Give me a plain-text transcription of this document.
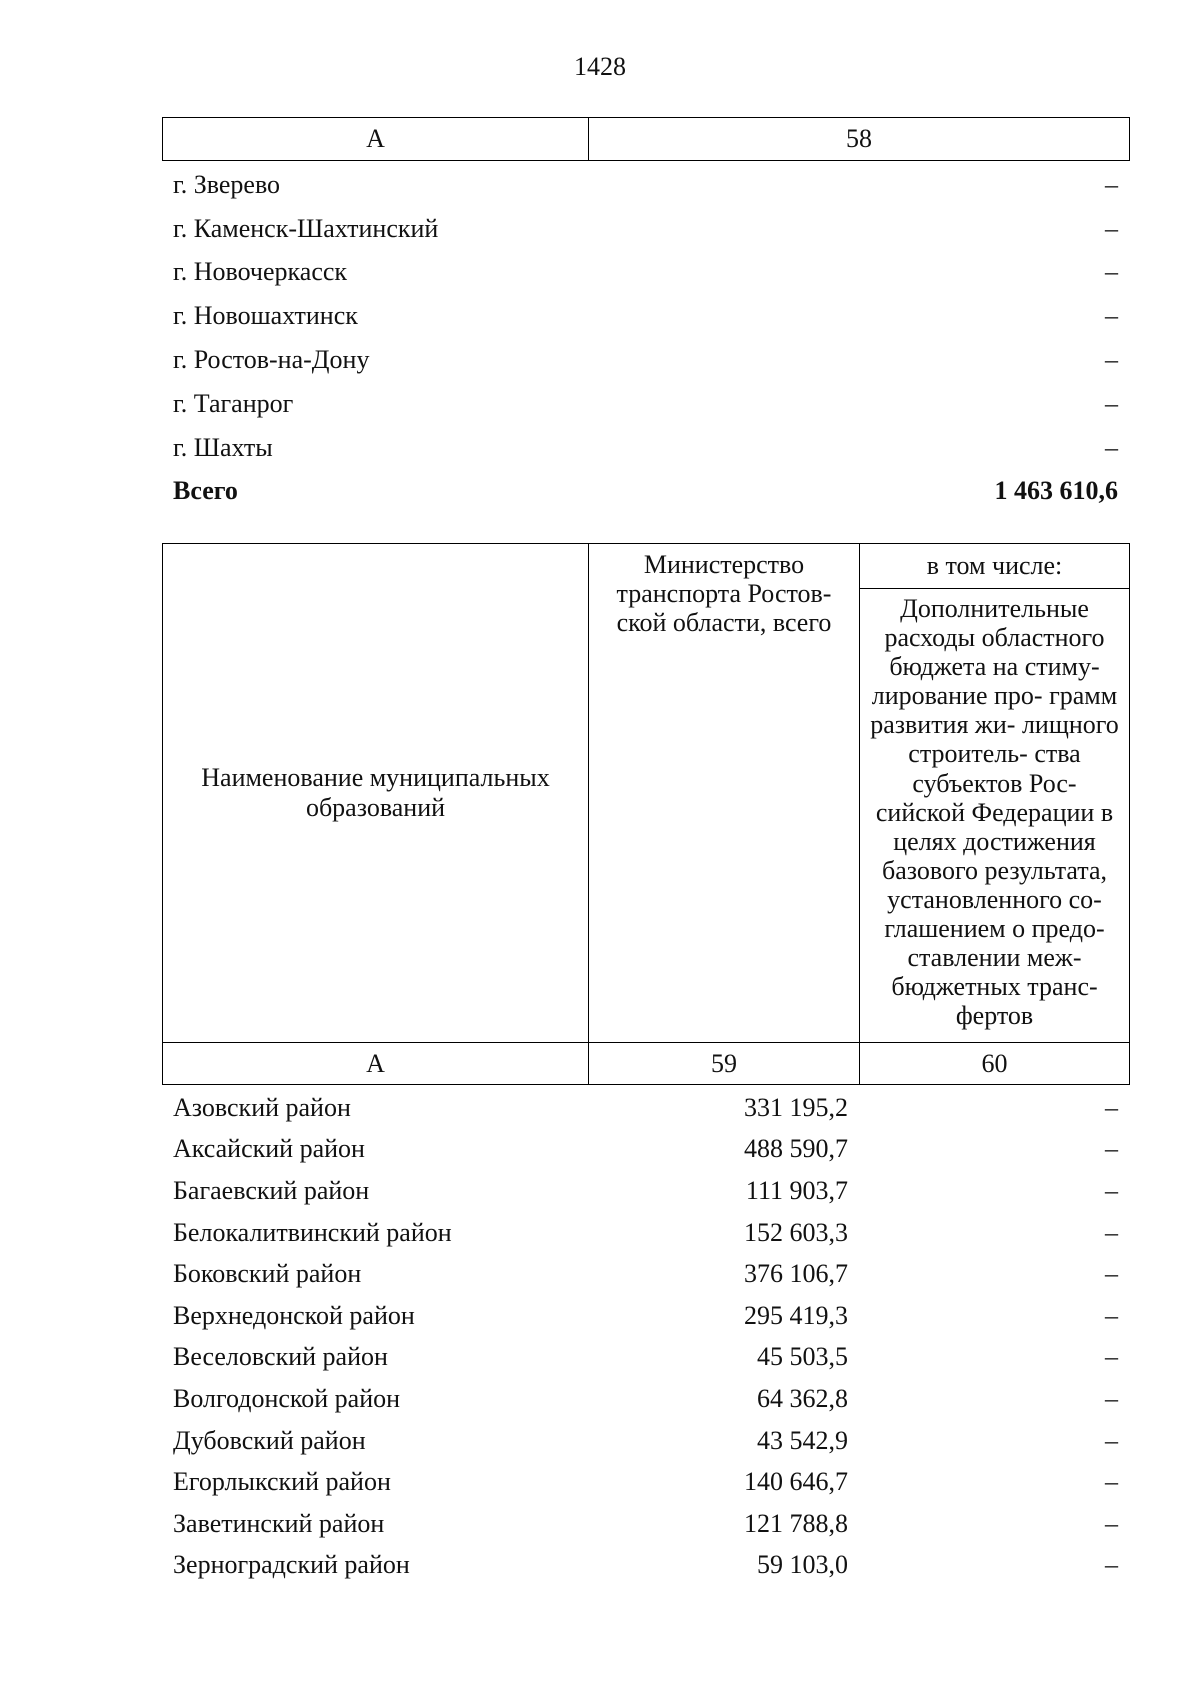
1428
А	58
г. Зверево	–
г. Каменск-Шахтинский	–
г. Новочеркасск	–
г. Новошахтинск	–
г. Ростов-на-Дону	–
г. Таганрог	–
г. Шахты	–
Всего	1 463 610,6
Наименование муниципальных образований
Министерство транспорта Ростов- ской области, всего
в том числе:
Дополнительные расходы областного бюджета на стиму- лирование про- грамм развития жи- лищного строитель- ства субъектов Рос- сийской Федерации в целях достижения базового результата, установленного со- глашением о предо- ставлении меж- бюджетных транс- фертов
А	59	60
Азовский район	331 195,2	–
Аксайский район	488 590,7	–
Багаевский район	111 903,7	–
Белокалитвинский район	152 603,3	–
Боковский район	376 106,7	–
Верхнедонской район	295 419,3	–
Веселовский район	45 503,5	–
Волгодонской район	64 362,8	–
Дубовский район	43 542,9	–
Егорлыкский район	140 646,7	–
Заветинский район	121 788,8	–
Зерноградский район	59 103,0	–
